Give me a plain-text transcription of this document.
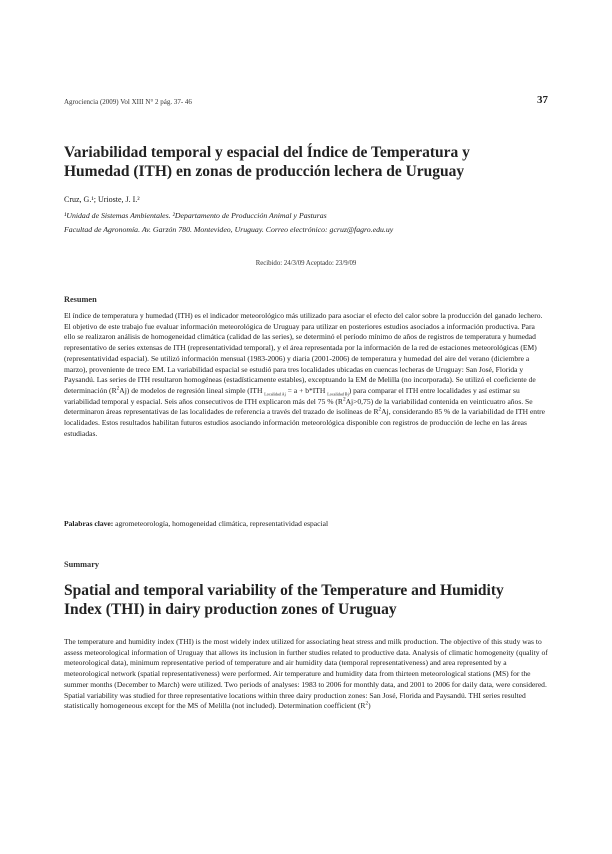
Agrociencia (2009) Vol XIII N° 2 pág. 37- 46	37
Variabilidad temporal y espacial del Índice de Temperatura y
Humedad (ITH) en zonas de producción lechera de Uruguay
Cruz, G.¹; Urioste, J. I.²
¹Unidad de Sistemas Ambientales. ²Departamento de Producción Animal y Pasturas
Facultad de Agronomía. Av. Garzón 780. Montevideo, Uruguay. Correo electrónico: gcruz@fagro.edu.uy
Recibido: 24/3/09 Aceptado: 23/9/09
Resumen
El índice de temperatura y humedad (ITH) es el indicador meteorológico más utilizado para asociar el efecto del calor sobre la producción del ganado lechero. El objetivo de este trabajo fue evaluar información meteorológica de Uruguay para utilizar en posteriores estudios asociados a información productiva. Para ello se realizaron análisis de homogeneidad climática (calidad de las series), se determinó el período mínimo de años de registros de temperatura y humedad representativo de series extensas de ITH (representatividad temporal), y el área representada por la información de la red de estaciones meteorológicas (EM) (representatividad espacial). Se utilizó información mensual (1983-2006) y diaria (2001-2006) de temperatura y humedad del aire del verano (diciembre a marzo), proveniente de trece EM. La variabilidad espacial se estudió para tres localidades ubicadas en cuencas lecheras de Uruguay: San José, Florida y Paysandú. Las series de ITH resultaron homogéneas (estadísticamente estables), exceptuando la EM de Melilla (no incorporada). Se utilizó el coeficiente de determinación $(R^2Aj)$ de modelos de regresión lineal simple (ITH $_{Localidad Aj}$ = a + b*ITH $_{Localidad Bj}$) para comparar el ITH entre localidades y así estimar su variabilidad temporal y espacial. Seis años consecutivos de ITH explicaron más del 75 % $(R^2Aj>0,75)$ de la variabilidad contenida en veinticuatro años. Se determinaron áreas representativas de las localidades de referencia a través del trazado de isolíneas de $R^2Aj$, considerando 85 % de la variabilidad de ITH entre localidades. Estos resultados habilitan futuros estudios asociando información meteorológica disponible con registros de producción de leche en las áreas estudiadas.
Palabras clave: agrometeorología, homogeneidad climática, representatividad espacial
Summary
Spatial and temporal variability of the Temperature and Humidity
Index (THI) in dairy production zones of Uruguay
The temperature and humidity index (THI) is the most widely index utilized for associating heat stress and milk production. The objective of this study was to assess meteorological information of Uruguay that allows its inclusion in further studies related to productive data. Analysis of climatic homogeneity (quality of meteorological data), minimum representative period of temperature and air humidity data (temporal representativeness) and area represented by a meteorological network (spatial representativeness) were performed. Air temperature and humidity data from thirteen meteorological stations (MS) for the summer months (December to March) were utilized. Two periods of analyses: 1983 to 2006 for monthly data, and 2001 to 2006 for daily data, were considered. Spatial variability was studied for three representative locations within three dairy production zones: San José, Florida and Paysandú. THI series resulted statistically homogeneous except for the MS of Melilla (not included). Determination coefficient $(R^2)$
